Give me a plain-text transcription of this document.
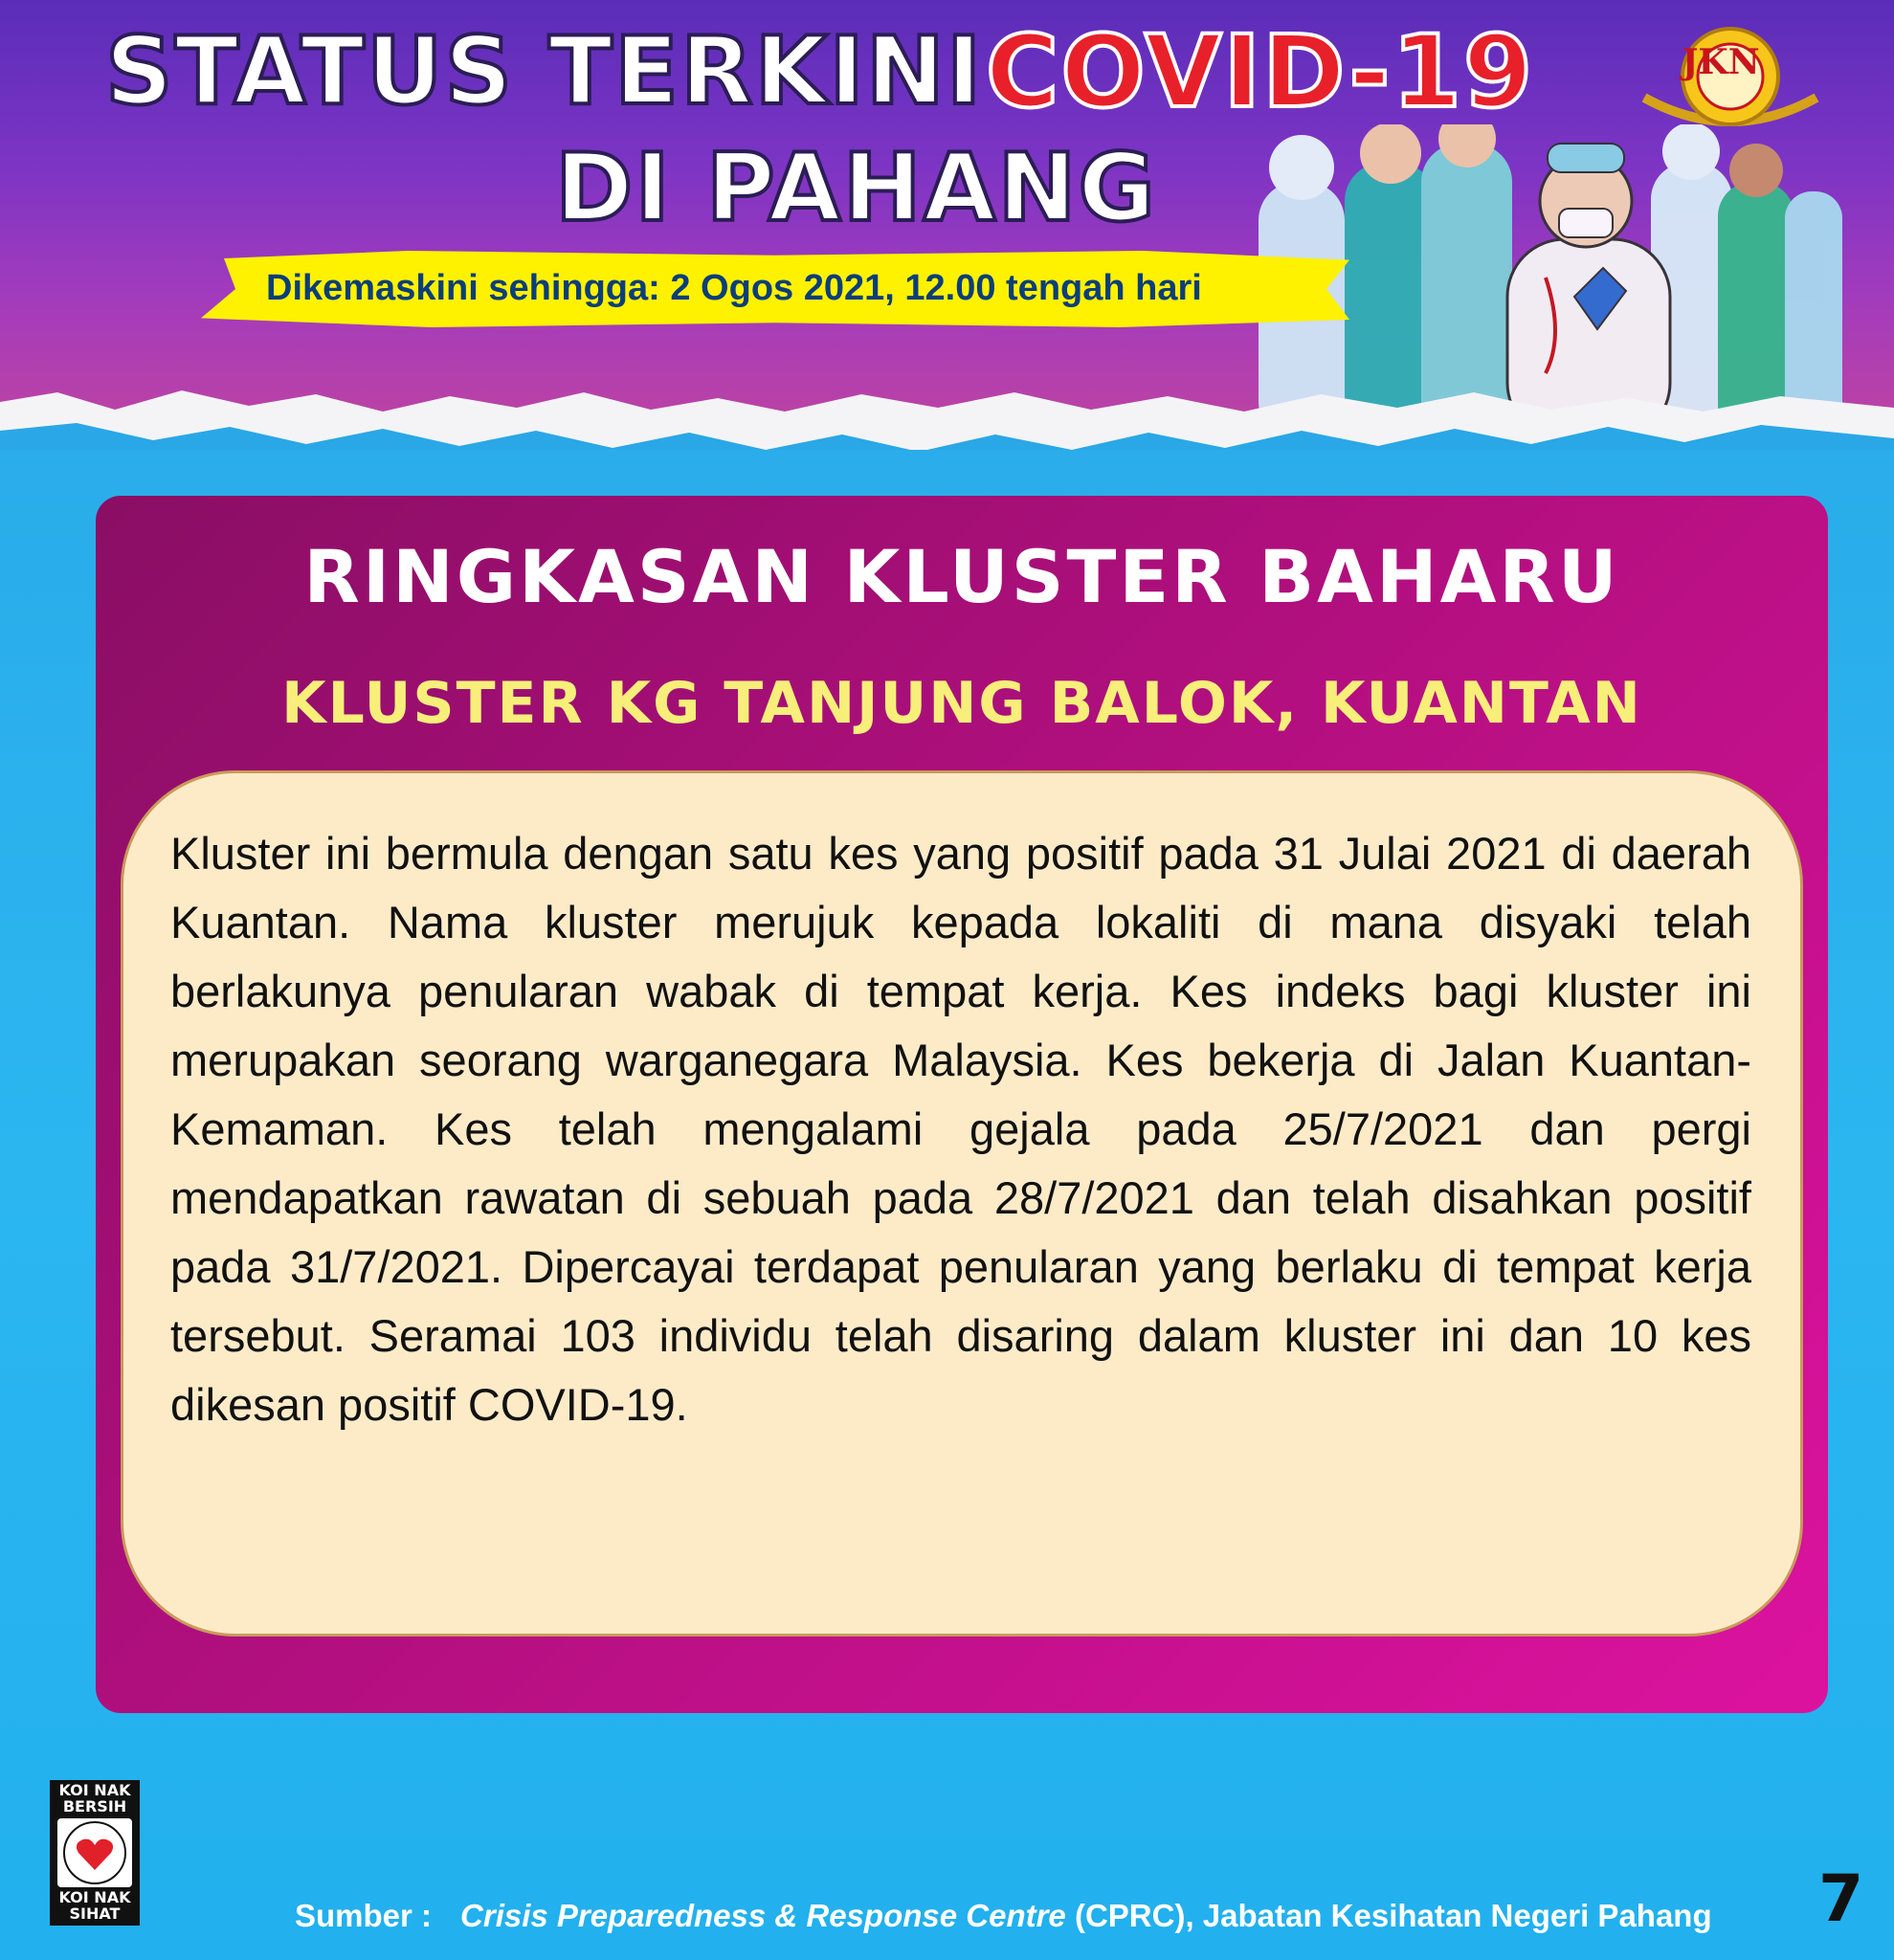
STATUS TERKINI COVID-19
DI PAHANG
Dikemaskini sehingga: 2 Ogos 2021, 12.00 tengah hari
JKN
RINGKASAN KLUSTER BAHARU
KLUSTER KG TANJUNG BALOK, KUANTAN
Kluster ini bermula dengan satu kes yang positif pada 31 Julai 2021 di daerah Kuantan. Nama kluster merujuk kepada lokaliti di mana disyaki telah berlakunya penularan wabak di tempat kerja. Kes indeks bagi kluster ini merupakan seorang warganegara Malaysia. Kes bekerja di Jalan Kuantan-Kemaman. Kes telah mengalami gejala pada 25/7/2021 dan pergi mendapatkan rawatan di sebuah pada 28/7/2021 dan telah disahkan positif pada 31/7/2021. Dipercayai terdapat penularan yang berlaku di tempat kerja tersebut. Seramai 103 individu telah disaring dalam kluster ini dan 10 kes dikesan positif COVID-19.
KOI NAK BERSIH
KOI NAK SIHAT	Sumber : Crisis Preparedness & Response Centre (CPRC), Jabatan Kesihatan Negeri Pahang 7
